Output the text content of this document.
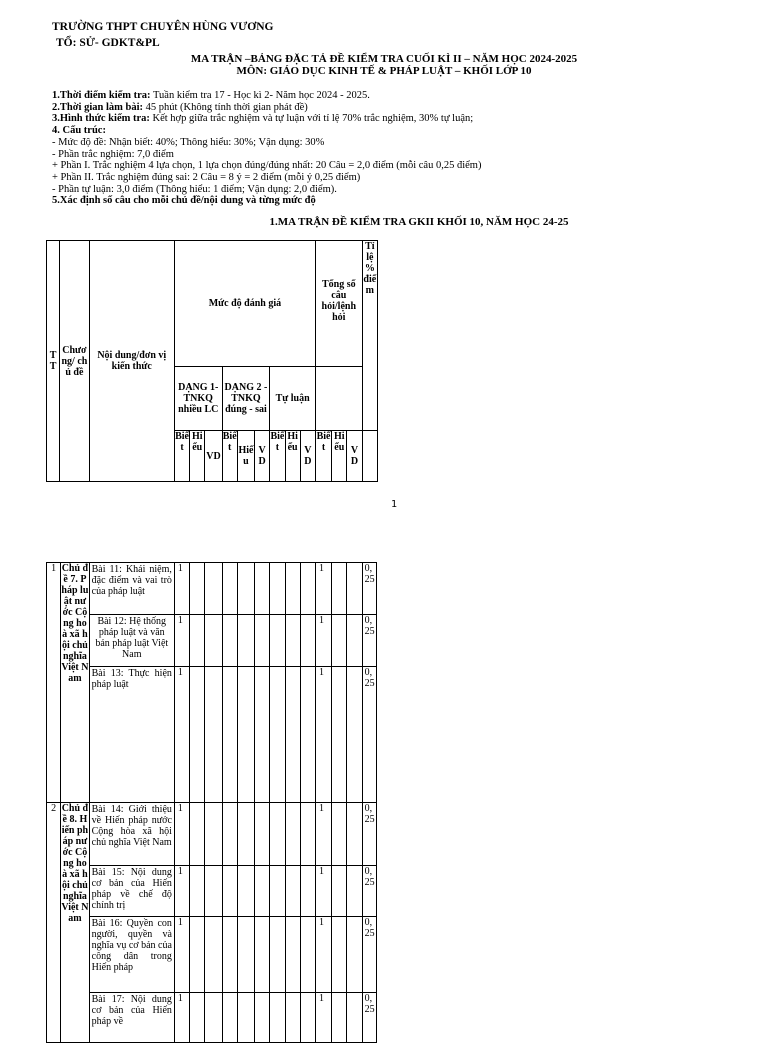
TRƯỜNG THPT CHUYÊN HÙNG VƯƠNG
TỔ: SỬ- GDKT&PL
MA TRẬN –BẢNG ĐẶC TẢ ĐỀ KIỂM TRA CUỐI KÌ II – NĂM HỌC 2024-2025
MÔN: GIÁO DỤC KINH TẾ & PHÁP LUẬT – KHỐI LỚP 10
1.Thời điểm kiểm tra: Tuần kiểm tra 17 - Học kì 2- Năm học 2024 - 2025.
2.Thời gian làm bài: 45 phút (Không tính thời gian phát đề)
3.Hình thức kiểm tra: Kết hợp giữa trắc nghiệm và tự luận với tỉ lệ 70% trắc nghiệm, 30% tự luận;
4. Cấu trúc:
- Mức độ đề: Nhận biết: 40%; Thông hiểu: 30%; Vận dụng: 30%
- Phần trắc nghiệm: 7,0 điểm
+ Phần I. Trắc nghiệm 4 lựa chọn, 1 lựa chọn đúng/đúng nhất: 20 Câu = 2,0 điểm (mỗi câu 0,25 điểm)
+ Phần II. Trắc nghiệm đúng sai: 2 Câu = 8 ý = 2 điểm (mỗi ý 0,25 điểm)
- Phần tự luận: 3,0 điểm (Thông hiểu: 1 điểm; Vận dụng: 2,0 điểm).
5.Xác định số câu cho mỗi chủ đề/nội dung và từng mức độ
1.MA TRẬN ĐỀ KIỂM TRA GKII KHỐI 10, NĂM HỌC 24-25
TT	Chương/ chủ đề	Nội dung/đơn vị kiến thức	Mức độ đánh giá									Tổng số câu hỏi/lệnh hỏi			Tỉ lệ % điểm
			DẠNG 1- TNKQ nhiều LC			DẠNG 2 - TNKQ đúng - sai			Tự luận						
			Biết	Hiểu	VD	Biết	Hiểu	VD	Biết	Hiểu	VD	Biết	Hiểu	VD	
1
1	Chủ đề 7. Pháp luật nước Cộng hoà xã hội chủ nghĩa Việt Nam	Bài 11: Khái niệm, đặc điểm và vai trò của pháp luật	1									1			0,25
		Bài 12: Hệ thống pháp luật và văn bản pháp luật Việt Nam	1									1			0,25
		Bài 13: Thực hiện pháp luật	1									1			0,25
2	Chủ đề 8. Hiến pháp nước Cộng hoà xã hội chủ nghĩa Việt Nam	Bài 14: Giới thiệu về Hiến pháp nước Cộng hòa xã hội chủ nghĩa Việt Nam	1									1			0,25
		Bài 15: Nội dung cơ bản của Hiến pháp về chế độ chính trị	1									1			0,25
		Bài 16: Quyền con người, quyền và nghĩa vụ cơ bản của công dân trong Hiến pháp	1									1			0,25
		Bài 17: Nội dung cơ bản của Hiến pháp về	1									1			0,25
